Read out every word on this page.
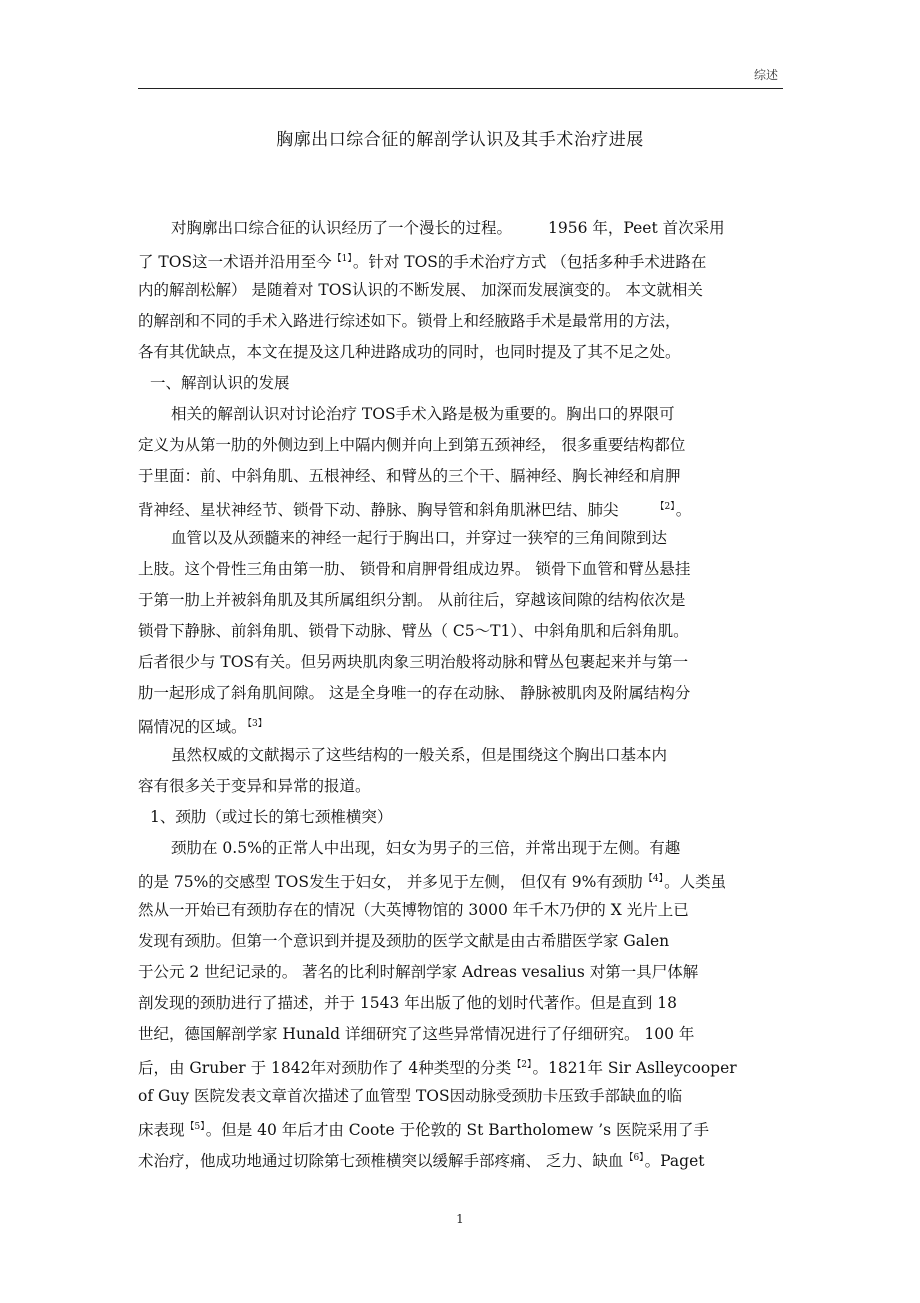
综述
胸廓出口综合征的解剖学认识及其手术治疗进展
对胸廓出口综合征的认识经历了一个漫长的过程。 1956 年，Peet 首次采用
了 TOS这一术语并沿用至今$^{【1】}$。针对 TOS的手术治疗方式 （包括多种手术进路在
内的解剖松解） 是随着对 TOS认识的不断发展、 加深而发展演变的。 本文就相关
的解剖和不同的手术入路进行综述如下。锁骨上和经腋路手术是最常用的方法，
各有其优缺点，本文在提及这几种进路成功的同时，也同时提及了其不足之处。
一、解剖认识的发展
相关的解剖认识对讨论治疗 TOS手术入路是极为重要的。胸出口的界限可
定义为从第一肋的外侧边到上中隔内侧并向上到第五颈神经， 很多重要结构都位
于里面：前、中斜角肌、五根神经、和臂丛的三个干、膈神经、胸长神经和肩胛
背神经、星状神经节、锁骨下动、静脉、胸导管和斜角肌淋巴结、肺尖	$^{【2】}$。
血管以及从颈髓来的神经一起行于胸出口，并穿过一狭窄的三角间隙到达
上肢。这个骨性三角由第一肋、 锁骨和肩胛骨组成边界。 锁骨下血管和臂丛悬挂
于第一肋上并被斜角肌及其所属组织分割。 从前往后，穿越该间隙的结构依次是
锁骨下静脉、前斜角肌、锁骨下动脉、臂丛（ C5～T1）、中斜角肌和后斜角肌。
后者很少与 TOS有关。但另两块肌肉象三明治般将动脉和臂丛包裹起来并与第一
肋一起形成了斜角肌间隙。 这是全身唯一的存在动脉、 静脉被肌肉及附属结构分
隔情况的区域。$^{【3】}$
虽然权威的文献揭示了这些结构的一般关系，但是围绕这个胸出口基本内
容有很多关于变异和异常的报道。
1、颈肋（或过长的第七颈椎横突）
颈肋在 0.5%的正常人中出现，妇女为男子的三倍，并常出现于左侧。有趣
的是 75%的交感型 TOS发生于妇女， 并多见于左侧， 但仅有 9%有颈肋$^{【4】}$。人类虽
然从一开始已有颈肋存在的情况（大英博物馆的 3000 年千木乃伊的 X 光片上已
发现有颈肋。但第一个意识到并提及颈肋的医学文献是由古希腊医学家 Galen
于公元 2 世纪记录的。 著名的比利时解剖学家 Adreas vesalius 对第一具尸体解
剖发现的颈肋进行了描述，并于 1543 年出版了他的划时代著作。但是直到 18
世纪，德国解剖学家 Hunald 详细研究了这些异常情况进行了仔细研究。 100 年
后，由 Gruber 于 1842年对颈肋作了 4种类型的分类$^{【2】}$。1821年 Sir Aslleycooper
of Guy 医院发表文章首次描述了血管型 TOS因动脉受颈肋卡压致手部缺血的临
床表现$^{【5】}$。但是 40 年后才由 Coote 于伦敦的 St Bartholomew ’s 医院采用了手
术治疗，他成功地通过切除第七颈椎横突以缓解手部疼痛、 乏力、缺血$^{【6】}$。Paget
1
